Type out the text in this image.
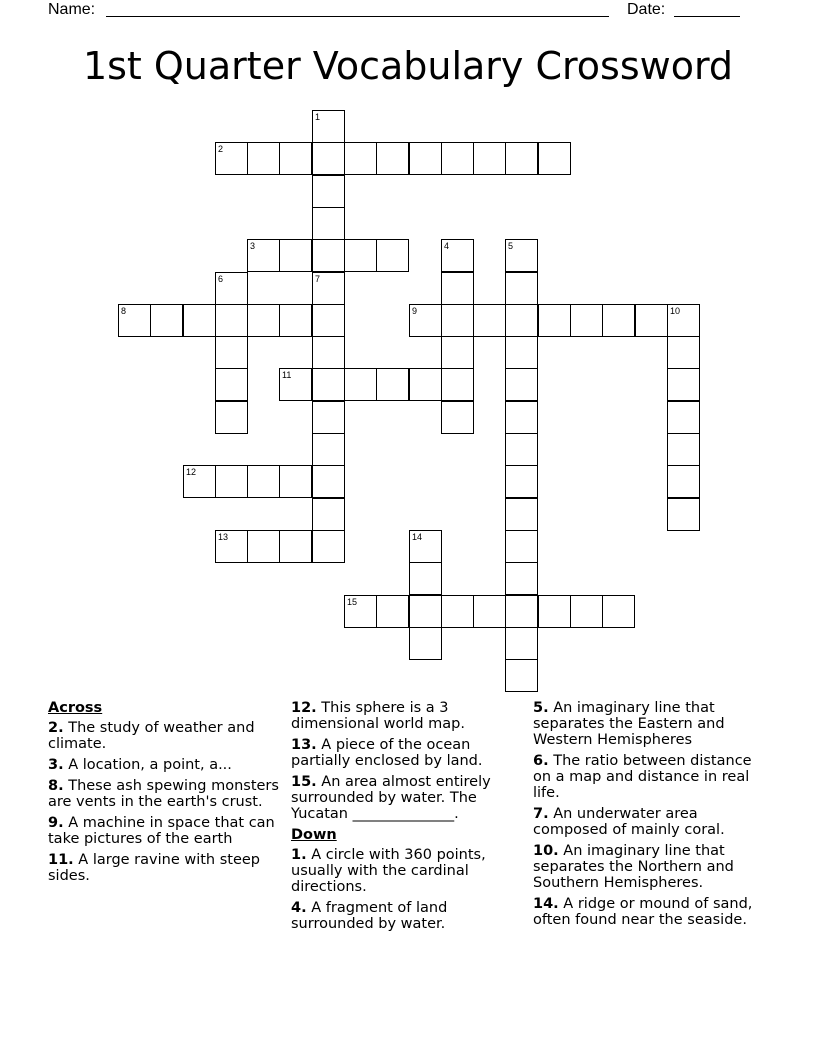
Name:	Date:
1st Quarter Vocabulary Crossword
1
7
2
3	4	5
6
8	9	10
11
12
13	14
15
Across
2. The study of weather and climate.
3. A location, a point, a...
8. These ash spewing monsters are vents in the earth's crust.
9. A machine in space that can take pictures of the earth
11. A large ravine with steep sides.
12. This sphere is a 3 dimensional world map.
13. A piece of the ocean partially enclosed by land.
15. An area almost entirely surrounded by water. The Yucatan ______________.
Down
1. A circle with 360 points, usually with the cardinal directions.
4. A fragment of land surrounded by water.
5. An imaginary line that separates the Eastern and Western Hemispheres
6. The ratio between distance on a map and distance in real life.
7. An underwater area composed of mainly coral.
10. An imaginary line that separates the Northern and Southern Hemispheres.
14. A ridge or mound of sand, often found near the seaside.
